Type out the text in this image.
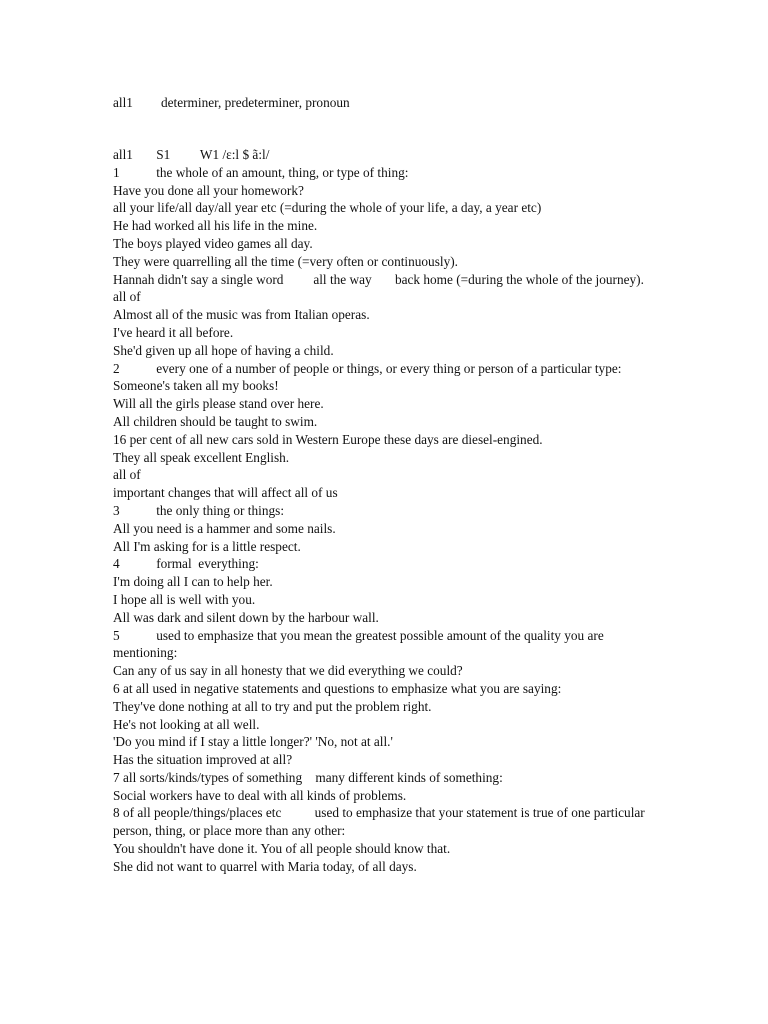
all1 determiner, predeterminer, pronoun
all1       S1         W1 /ɛ:l $ ã:l/
1           the whole of an amount, thing, or type of thing:
Have you done all your homework?
all your life/all day/all year etc (=during the whole of your life, a day, a year etc)
He had worked all his life in the mine.
The boys played video games all day.
They were quarrelling all the time (=very often or continuously).
Hannah didn't say a single word         all the way       back home (=during the whole of the journey).
all of
Almost all of the music was from Italian operas.
I've heard it all before.
She'd given up all hope of having a child.
2           every one of a number of people or things, or every thing or person of a particular type:
Someone's taken all my books!
Will all the girls please stand over here.
All children should be taught to swim.
16 per cent of all new cars sold in Western Europe these days are diesel-engined.
They all speak excellent English.
all of
important changes that will affect all of us
3           the only thing or things:
All you need is a hammer and some nails.
All I'm asking for is a little respect.
4           formal  everything:
I'm doing all I can to help her.
I hope all is well with you.
All was dark and silent down by the harbour wall.
5           used to emphasize that you mean the greatest possible amount of the quality you are mentioning:
Can any of us say in all honesty that we did everything we could?
6 at all used in negative statements and questions to emphasize what you are saying:
They've done nothing at all to try and put the problem right.
He's not looking at all well.
'Do you mind if I stay a little longer?' 'No, not at all.'
Has the situation improved at all?
7 all sorts/kinds/types of something    many different kinds of something:
Social workers have to deal with all kinds of problems.
8 of all people/things/places etc          used to emphasize that your statement is true of one particular person, thing, or place more than any other:
You shouldn't have done it. You of all people should know that.
She did not want to quarrel with Maria today, of all days.
